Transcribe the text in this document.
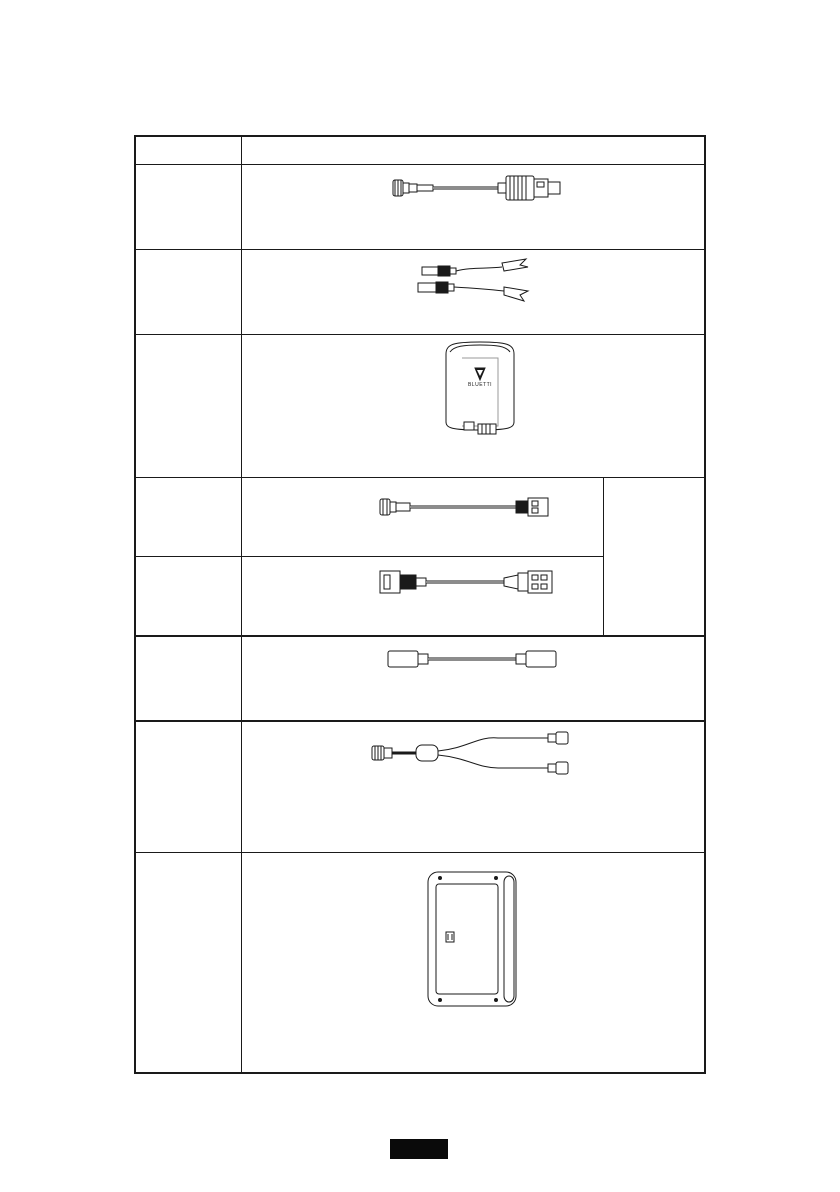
BLUETTI
